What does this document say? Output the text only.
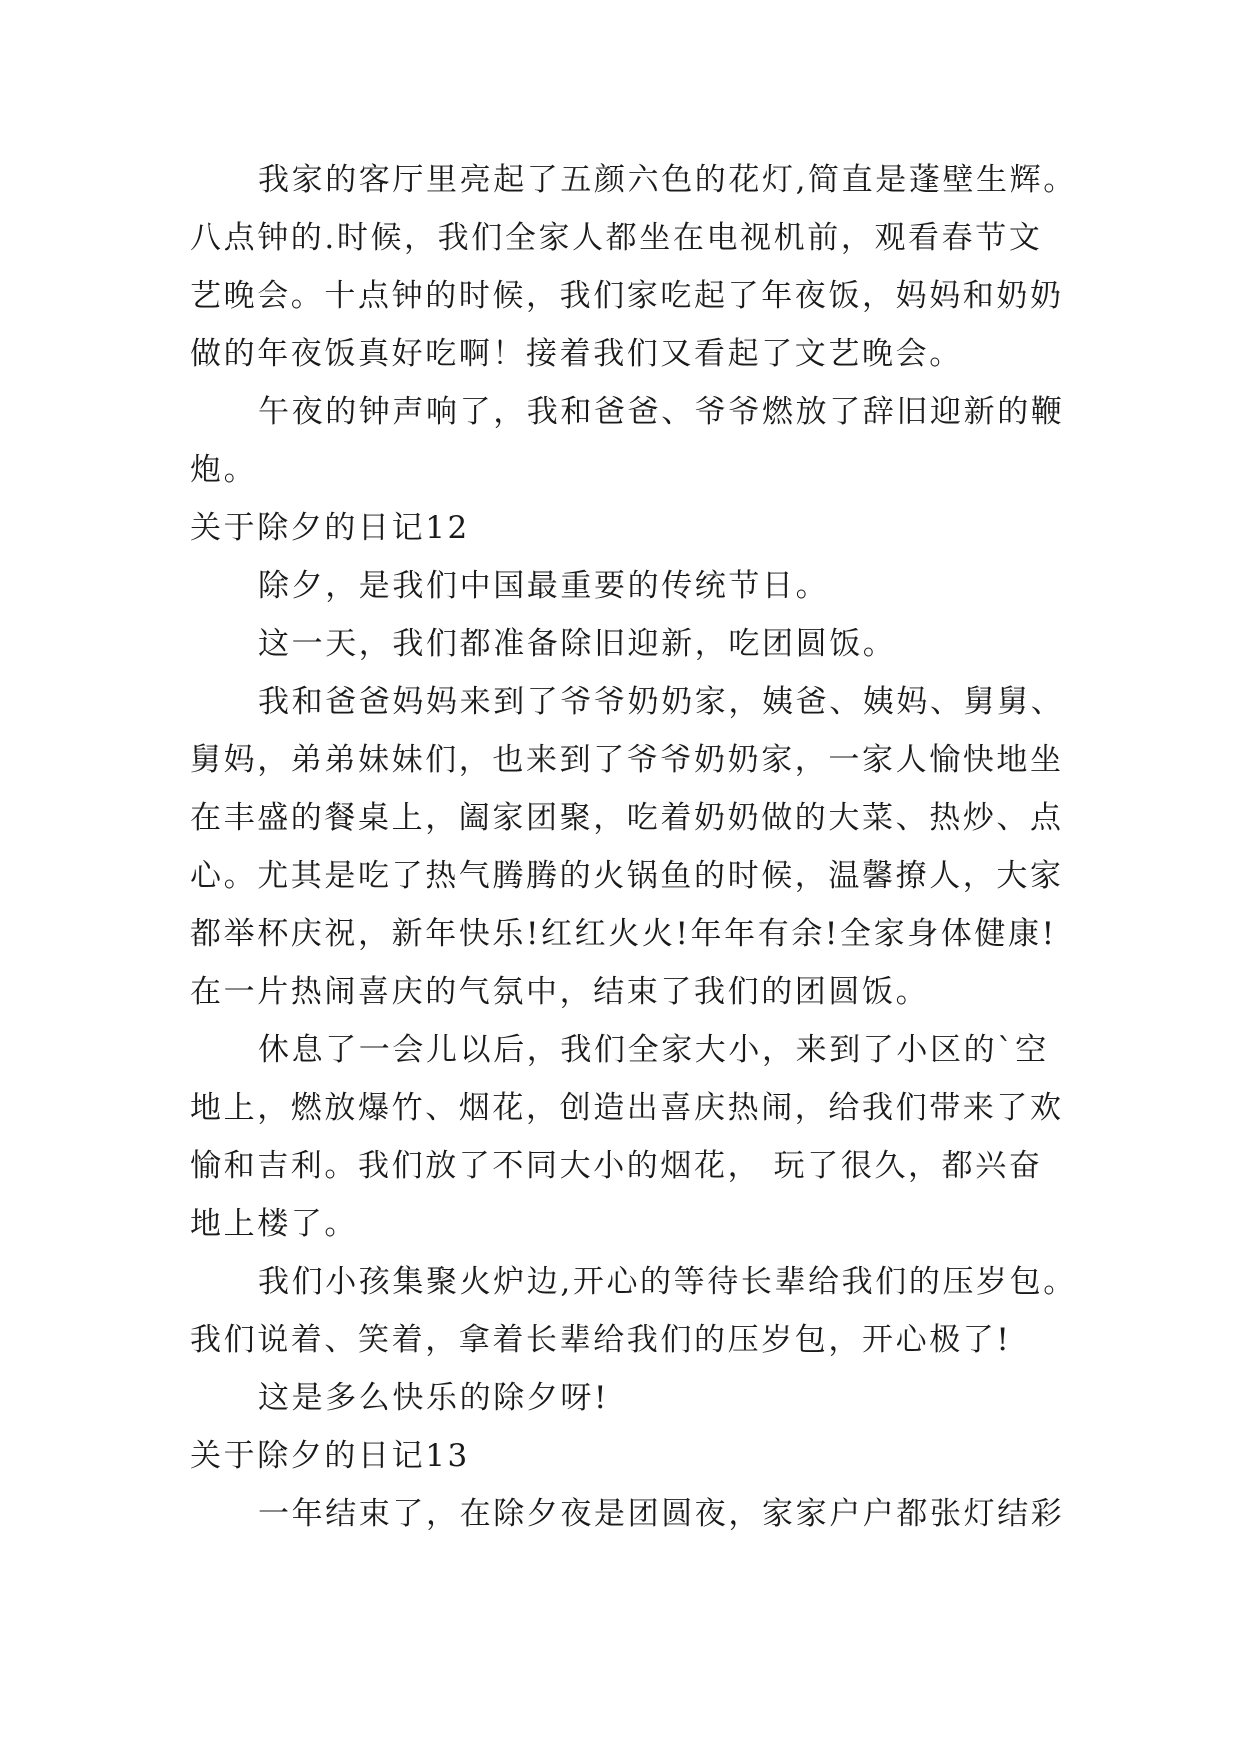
我家的客厅里亮起了五颜六色的花灯,简直是蓬壁生辉。
八点钟的.时候，我们全家人都坐在电视机前，观看春节文
艺晚会。十点钟的时候，我们家吃起了年夜饭，妈妈和奶奶
做的年夜饭真好吃啊！接着我们又看起了文艺晚会。
午夜的钟声响了，我和爸爸、爷爷燃放了辞旧迎新的鞭
炮。
关于除夕的日记12
除夕，是我们中国最重要的传统节日。
这一天，我们都准备除旧迎新，吃团圆饭。
我和爸爸妈妈来到了爷爷奶奶家，姨爸、姨妈、舅舅、
舅妈，弟弟妹妹们，也来到了爷爷奶奶家，一家人愉快地坐
在丰盛的餐桌上，阖家团聚，吃着奶奶做的大菜、热炒、点
心。尤其是吃了热气腾腾的火锅鱼的时候，温馨撩人，大家
都举杯庆祝，新年快乐!红红火火!年年有余!全家身体健康!
在一片热闹喜庆的气氛中，结束了我们的团圆饭。
休息了一会儿以后，我们全家大小，来到了小区的`空
地上，燃放爆竹、烟花，创造出喜庆热闹，给我们带来了欢
愉和吉利。我们放了不同大小的烟花， 玩了很久，都兴奋
地上楼了。
我们小孩集聚火炉边,开心的等待长辈给我们的压岁包。
我们说着、笑着，拿着长辈给我们的压岁包，开心极了!
这是多么快乐的除夕呀!
关于除夕的日记13
一年结束了，在除夕夜是团圆夜，家家户户都张灯结彩
